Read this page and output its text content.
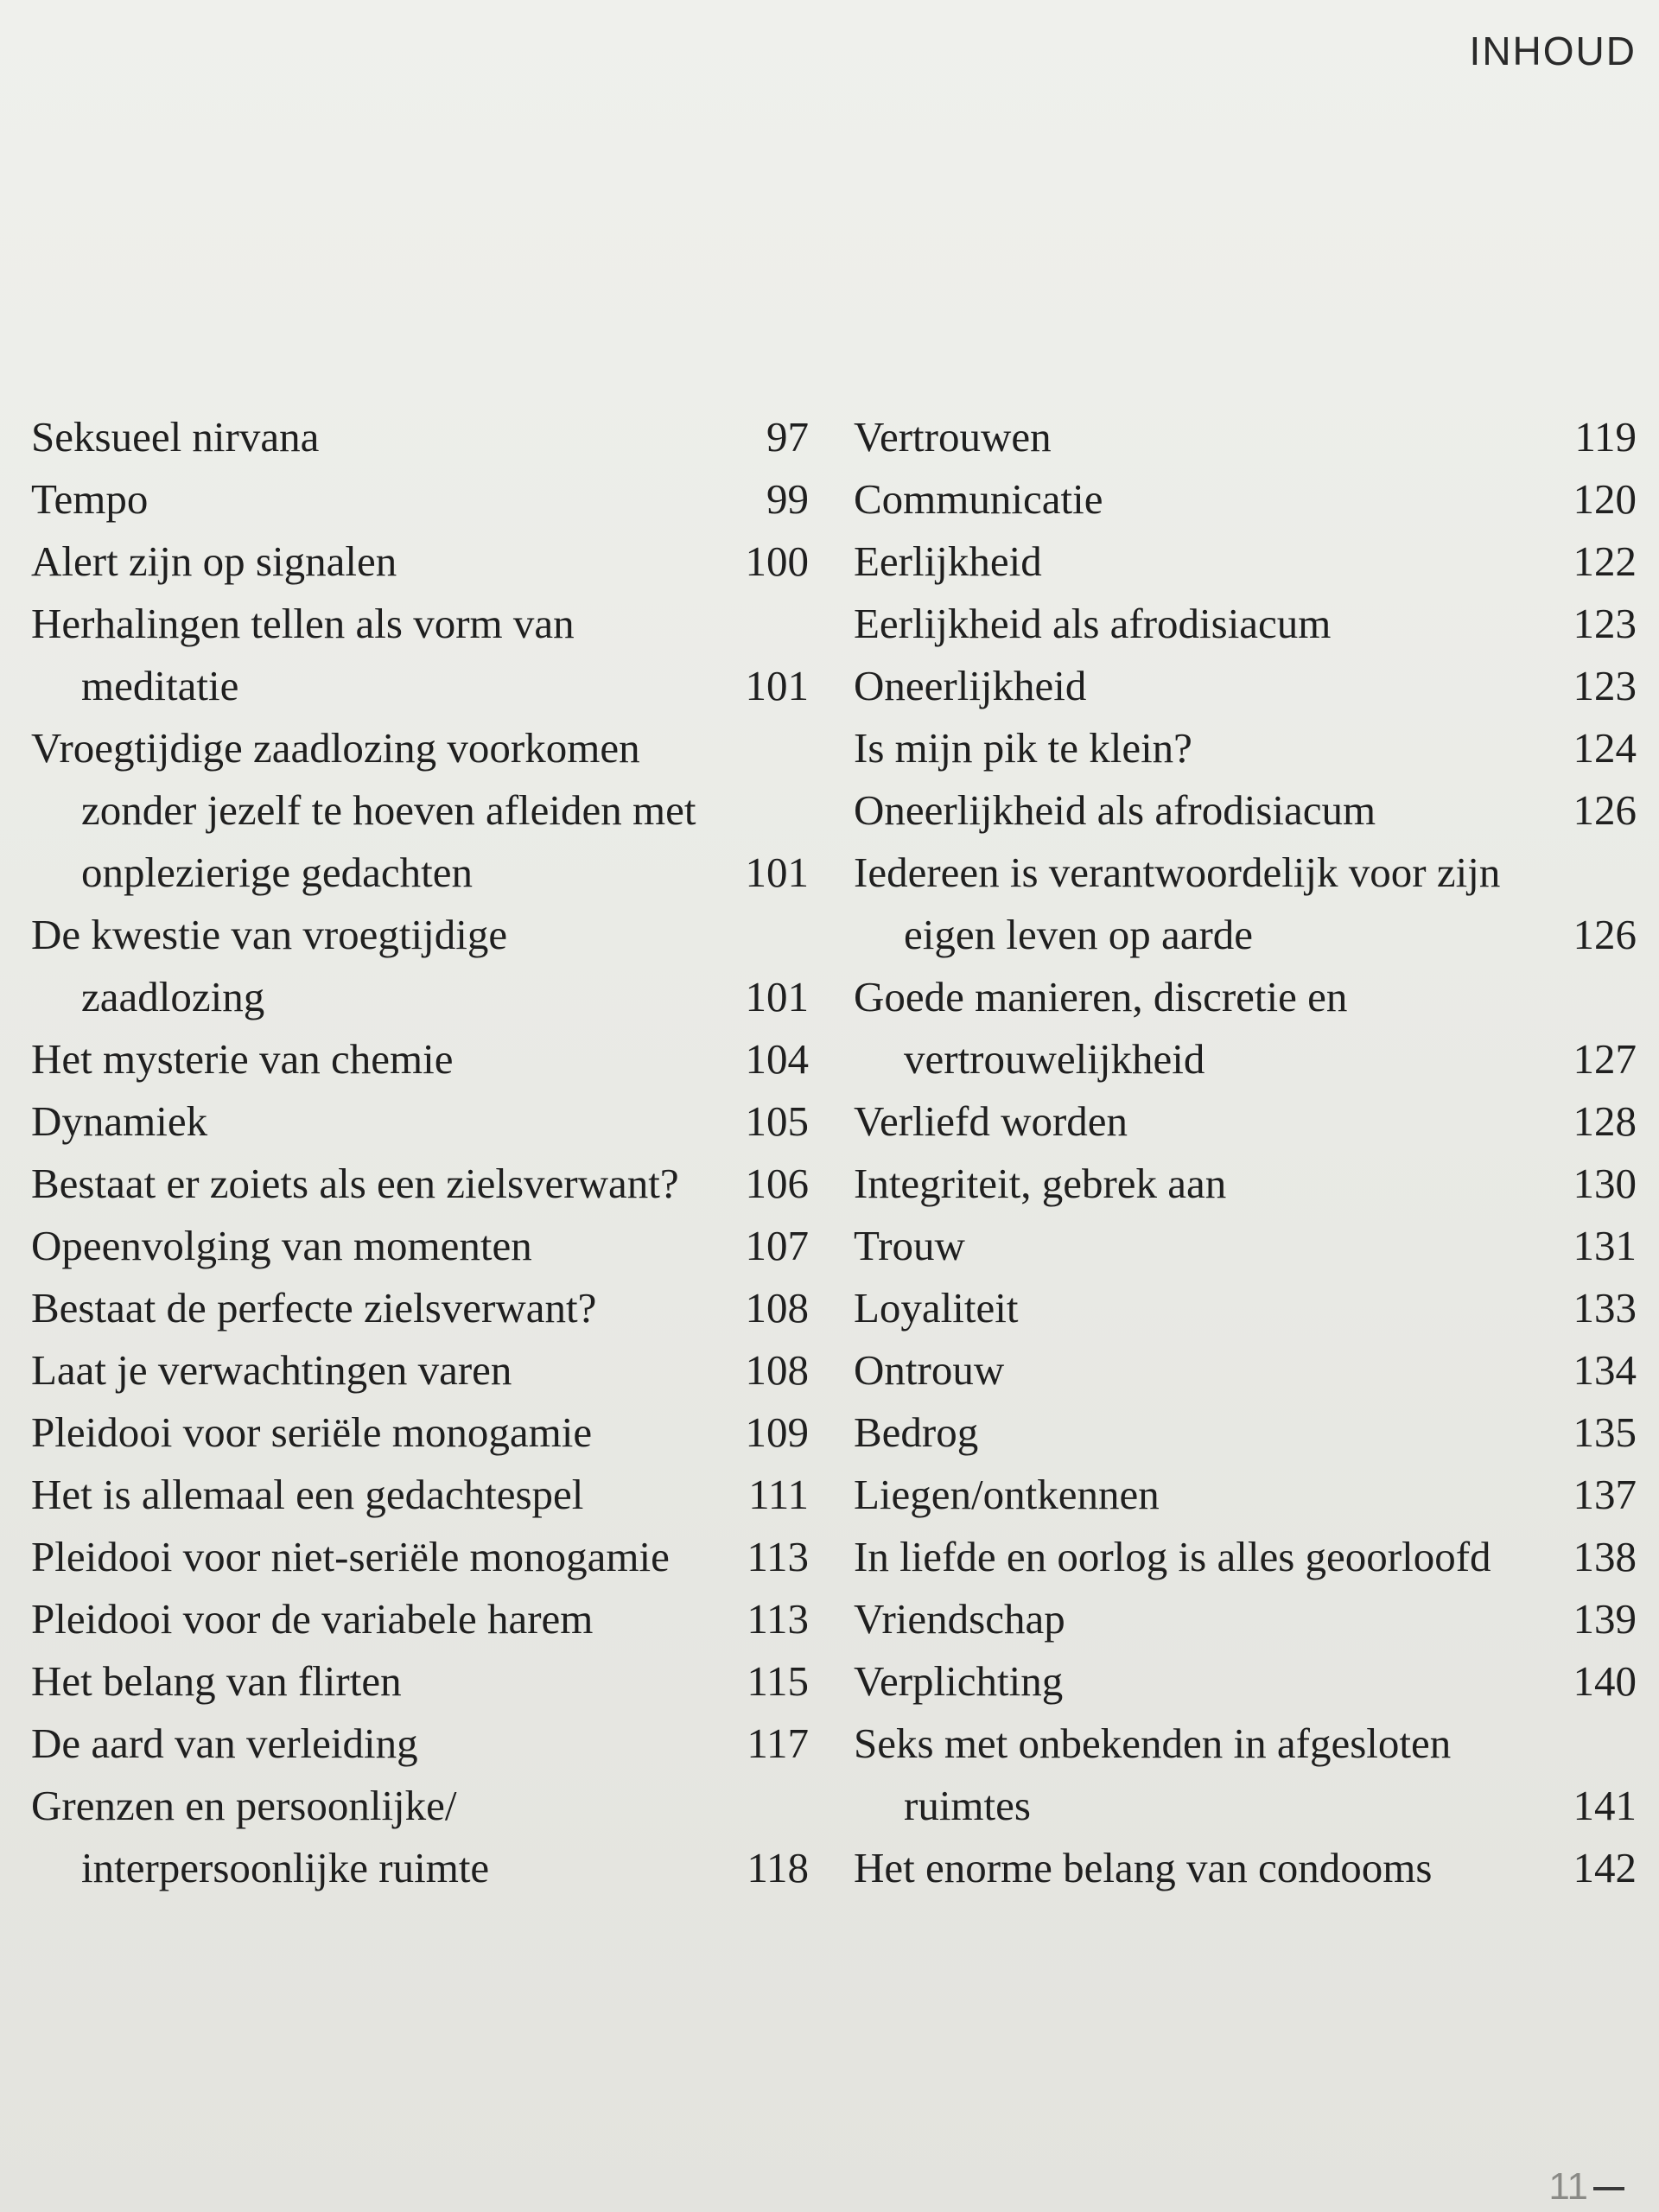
INHOUD
Seksueel nirvana	97
Tempo	99
Alert zijn op signalen	100
Herhalingen tellen als vorm van meditatie	101
Vroegtijdige zaadlozing voorkomen zonder jezelf te hoeven afleiden met onplezierige gedachten	101
De kwestie van vroegtijdige zaadlozing	101
Het mysterie van chemie	104
Dynamiek	105
Bestaat er zoiets als een zielsverwant?	106
Opeenvolging van momenten	107
Bestaat de perfecte zielsverwant?	108
Laat je verwachtingen varen	108
Pleidooi voor seriële monogamie	109
Het is allemaal een gedachtespel	111
Pleidooi voor niet-seriële monogamie	113
Pleidooi voor de variabele harem	113
Het belang van flirten	115
De aard van verleiding	117
Grenzen en persoonlijke/ interpersoonlijke ruimte	118
Vertrouwen	119
Communicatie	120
Eerlijkheid	122
Eerlijkheid als afrodisiacum	123
Oneerlijkheid	123
Is mijn pik te klein?	124
Oneerlijkheid als afrodisiacum	126
Iedereen is verantwoordelijk voor zijn eigen leven op aarde	126
Goede manieren, discretie en vertrouwelijkheid	127
Verliefd worden	128
Integriteit, gebrek aan	130
Trouw	131
Loyaliteit	133
Ontrouw	134
Bedrog	135
Liegen/ontkennen	137
In liefde en oorlog is alles geoorloofd	138
Vriendschap	139
Verplichting	140
Seks met onbekenden in afgesloten ruimtes	141
Het enorme belang van condooms	142
11
